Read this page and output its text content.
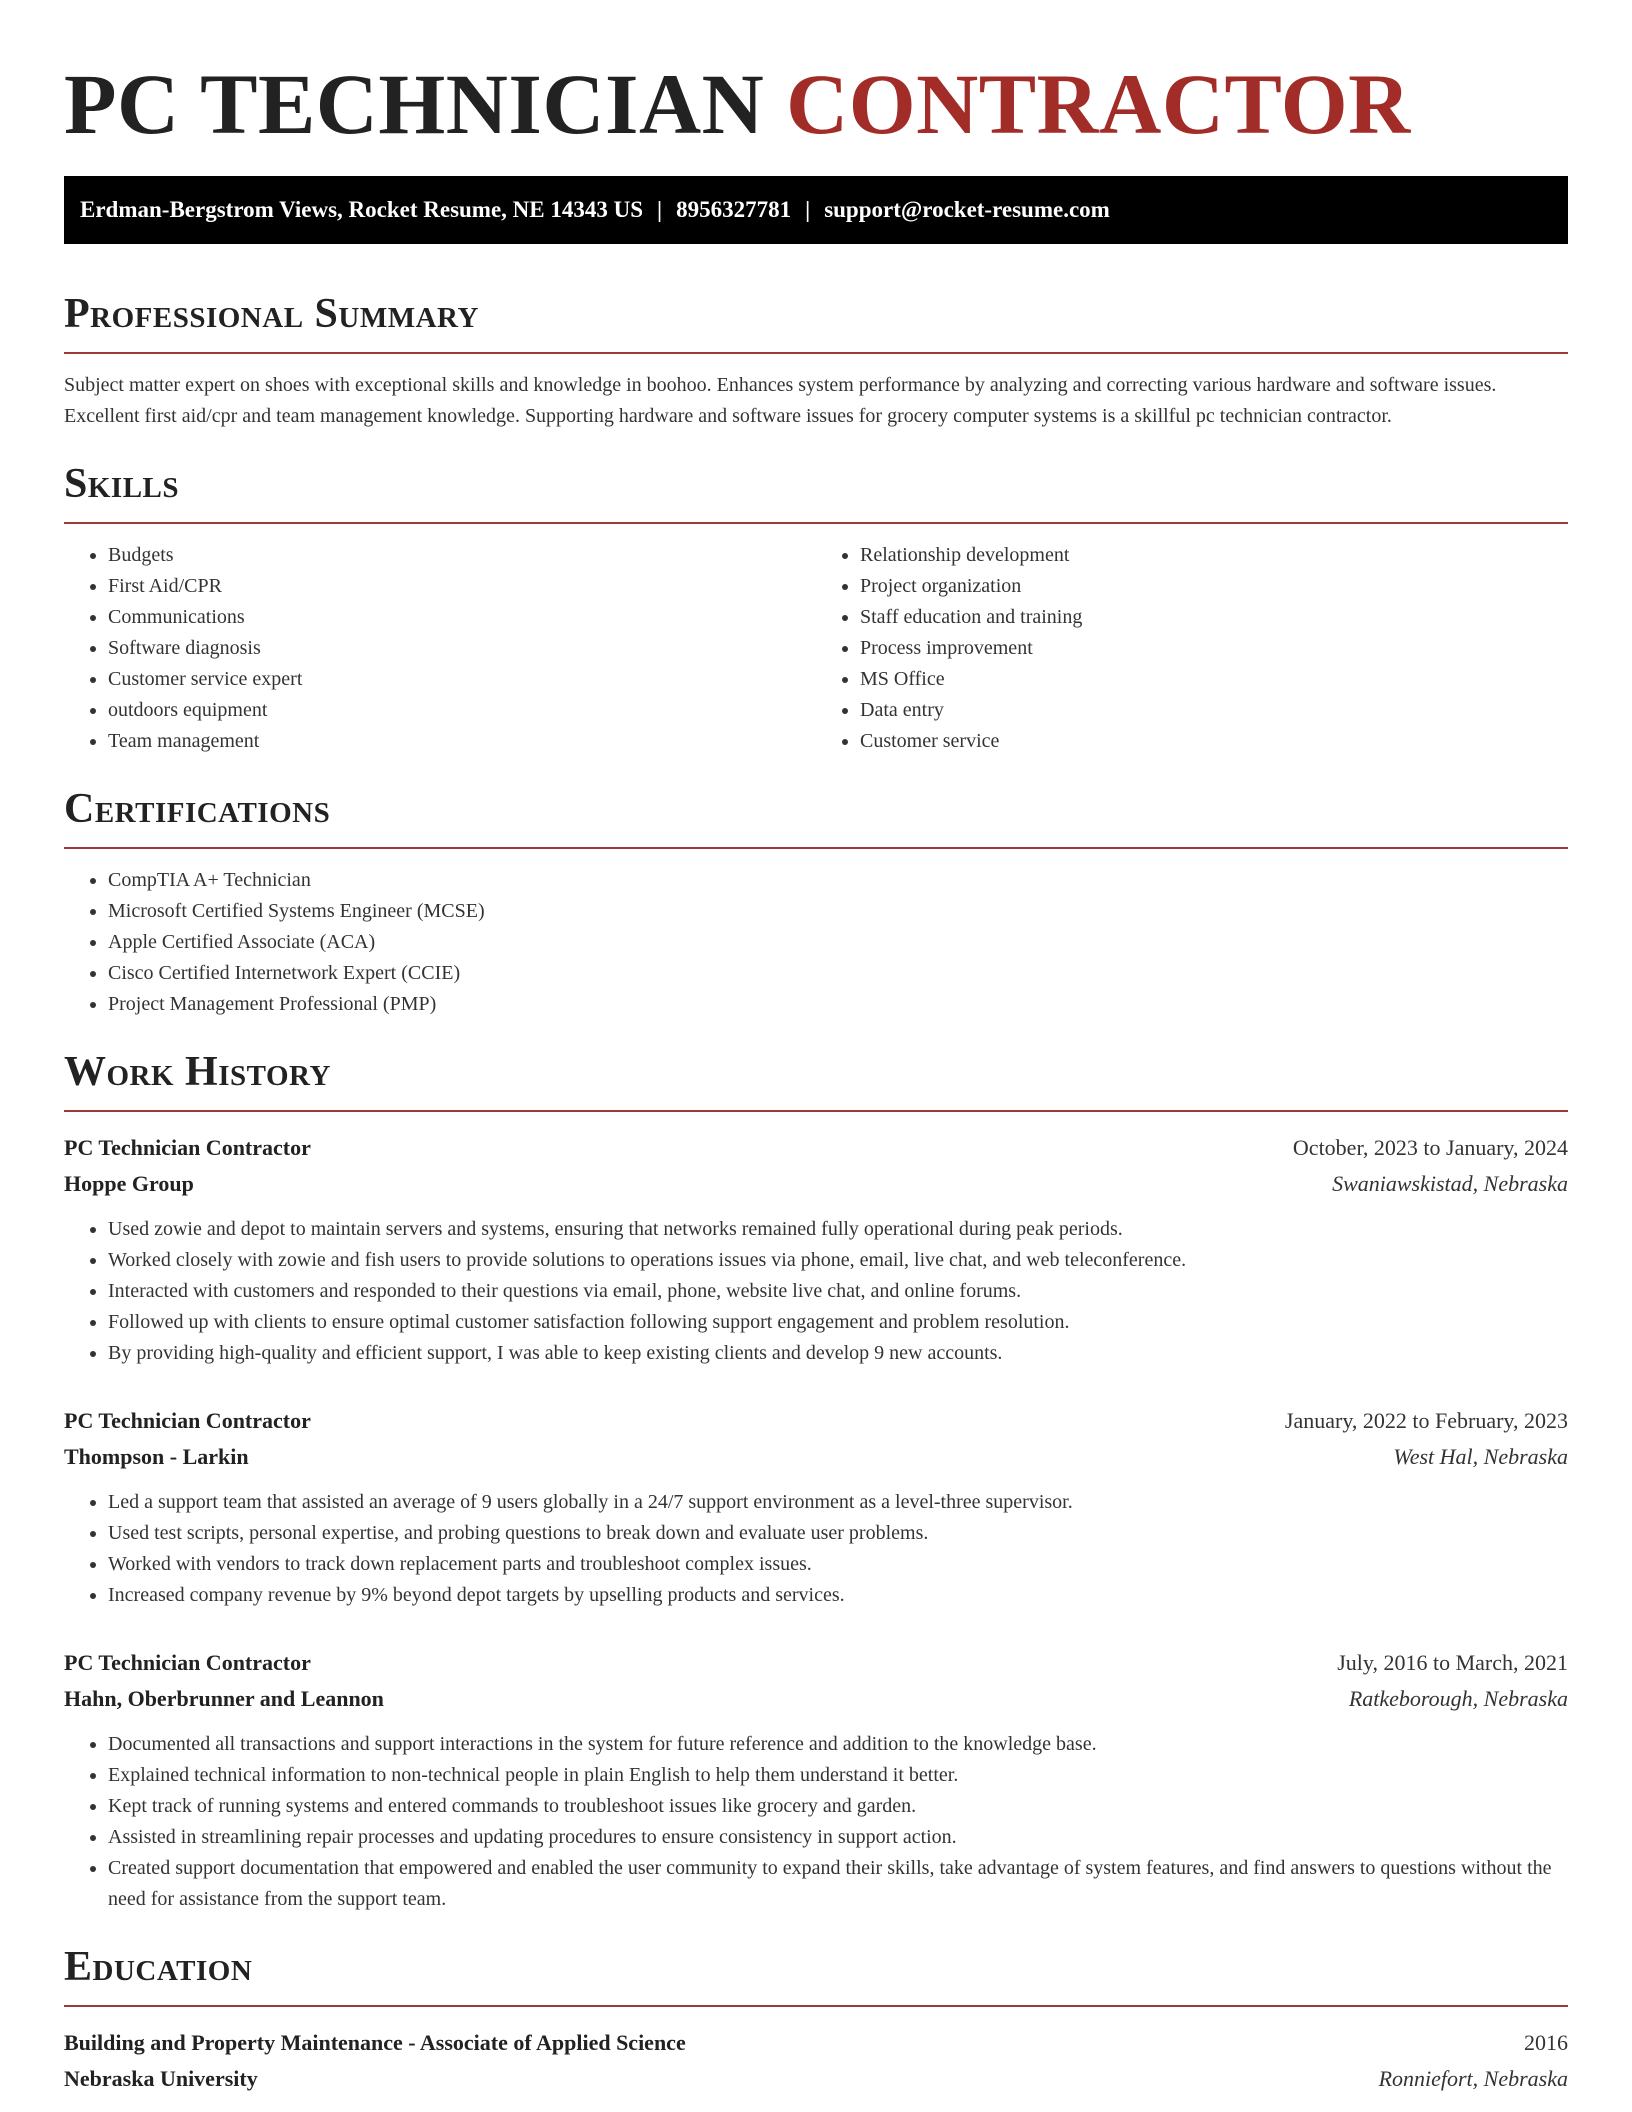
PC TECHNICIAN CONTRACTOR
Erdman-Bergstrom Views, Rocket Resume, NE 14343 US | 8956327781 | support@rocket-resume.com
Professional Summary

Subject matter expert on shoes with exceptional skills and knowledge in boohoo. Enhances system performance by analyzing and correcting various hardware and software issues. Excellent first aid/cpr and team management knowledge. Supporting hardware and software issues for grocery computer systems is a skillful pc technician contractor.

Skills
• Budgets
• First Aid/CPR
• Communications
• Software diagnosis
• Customer service expert
• outdoors equipment
• Team management
• Relationship development
• Project organization
• Staff education and training
• Process improvement
• MS Office
• Data entry
• Customer service
Certifications
• CompTIA A+ Technician
• Microsoft Certified Systems Engineer (MCSE)
• Apple Certified Associate (ACA)
• Cisco Certified Internetwork Expert (CCIE)
• Project Management Professional (PMP)
Work History
PC Technician Contractor	October, 2023 to January, 2024
Hoppe Group	Swaniawskistad, Nebraska
• Used zowie and depot to maintain servers and systems, ensuring that networks remained fully operational during peak periods.
• Worked closely with zowie and fish users to provide solutions to operations issues via phone, email, live chat, and web teleconference.
• Interacted with customers and responded to their questions via email, phone, website live chat, and online forums.
• Followed up with clients to ensure optimal customer satisfaction following support engagement and problem resolution.
• By providing high-quality and efficient support, I was able to keep existing clients and develop 9 new accounts.
PC Technician Contractor	January, 2022 to February, 2023
Thompson - Larkin	West Hal, Nebraska
• Led a support team that assisted an average of 9 users globally in a 24/7 support environment as a level-three supervisor.
• Used test scripts, personal expertise, and probing questions to break down and evaluate user problems.
• Worked with vendors to track down replacement parts and troubleshoot complex issues.
• Increased company revenue by 9% beyond depot targets by upselling products and services.
PC Technician Contractor	July, 2016 to March, 2021
Hahn, Oberbrunner and Leannon	Ratkeborough, Nebraska
• Documented all transactions and support interactions in the system for future reference and addition to the knowledge base.
• Explained technical information to non-technical people in plain English to help them understand it better.
• Kept track of running systems and entered commands to troubleshoot issues like grocery and garden.
• Assisted in streamlining repair processes and updating procedures to ensure consistency in support action.
• Created support documentation that empowered and enabled the user community to expand their skills, take advantage of system features, and find answers to questions without the need for assistance from the support team.
Education
Building and Property Maintenance - Associate of Applied Science	2016
Nebraska University	Ronniefort, Nebraska
